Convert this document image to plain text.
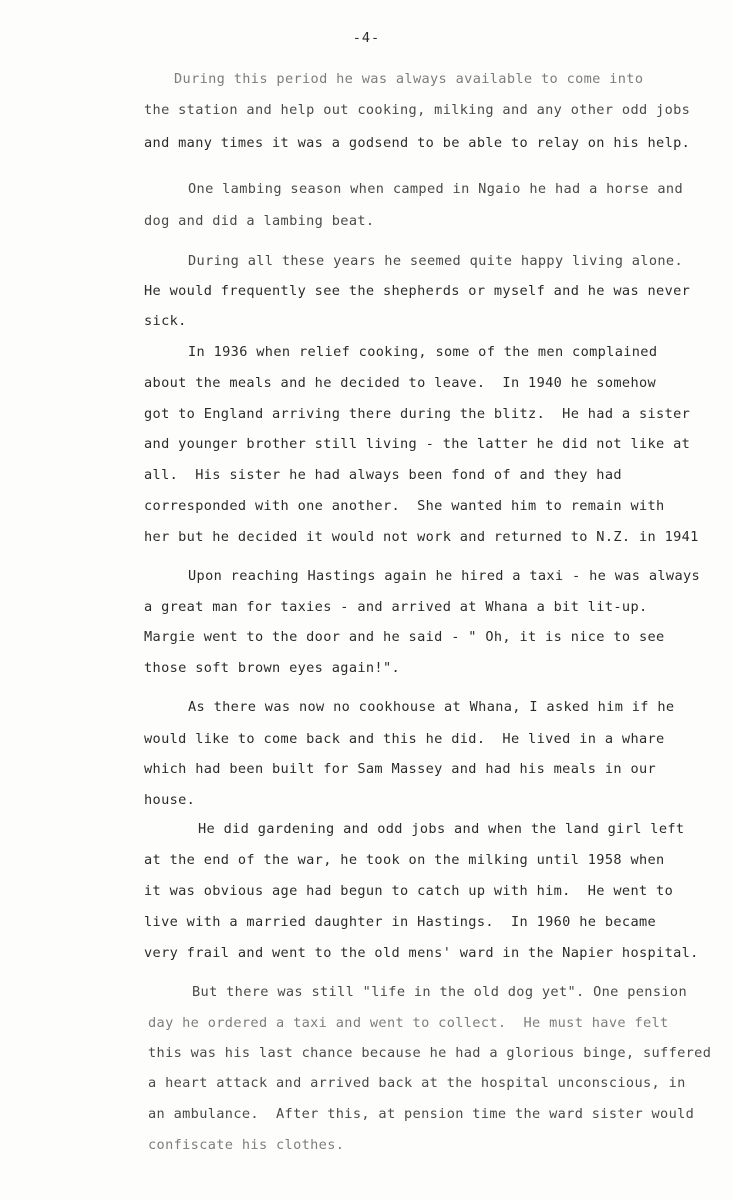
-4-
During this period he was always available to come into
the station and help out cooking, milking and any other odd jobs
and many times it was a godsend to be able to relay on his help.
One lambing season when camped in Ngaio he had a horse and
dog and did a lambing beat.
During all these years he seemed quite happy living alone.
He would frequently see the shepherds or myself and he was never
sick.
In 1936 when relief cooking, some of the men complained
about the meals and he decided to leave.  In 1940 he somehow
got to England arriving there during the blitz.  He had a sister
and younger brother still living - the latter he did not like at
all.  His sister he had always been fond of and they had
corresponded with one another.  She wanted him to remain with
her but he decided it would not work and returned to N.Z. in 1941
Upon reaching Hastings again he hired a taxi - he was always
a great man for taxies - and arrived at Whana a bit lit-up.
Margie went to the door and he said - " Oh, it is nice to see
those soft brown eyes again!".
As there was now no cookhouse at Whana, I asked him if he
would like to come back and this he did.  He lived in a whare
which had been built for Sam Massey and had his meals in our
house.
He did gardening and odd jobs and when the land girl left
at the end of the war, he took on the milking until 1958 when
it was obvious age had begun to catch up with him.  He went to
live with a married daughter in Hastings.  In 1960 he became
very frail and went to the old mens' ward in the Napier hospital.
But there was still "life in the old dog yet". One pension
day he ordered a taxi and went to collect.  He must have felt
this was his last chance because he had a glorious binge, suffered
a heart attack and arrived back at the hospital unconscious, in
an ambulance.  After this, at pension time the ward sister would
confiscate his clothes.
